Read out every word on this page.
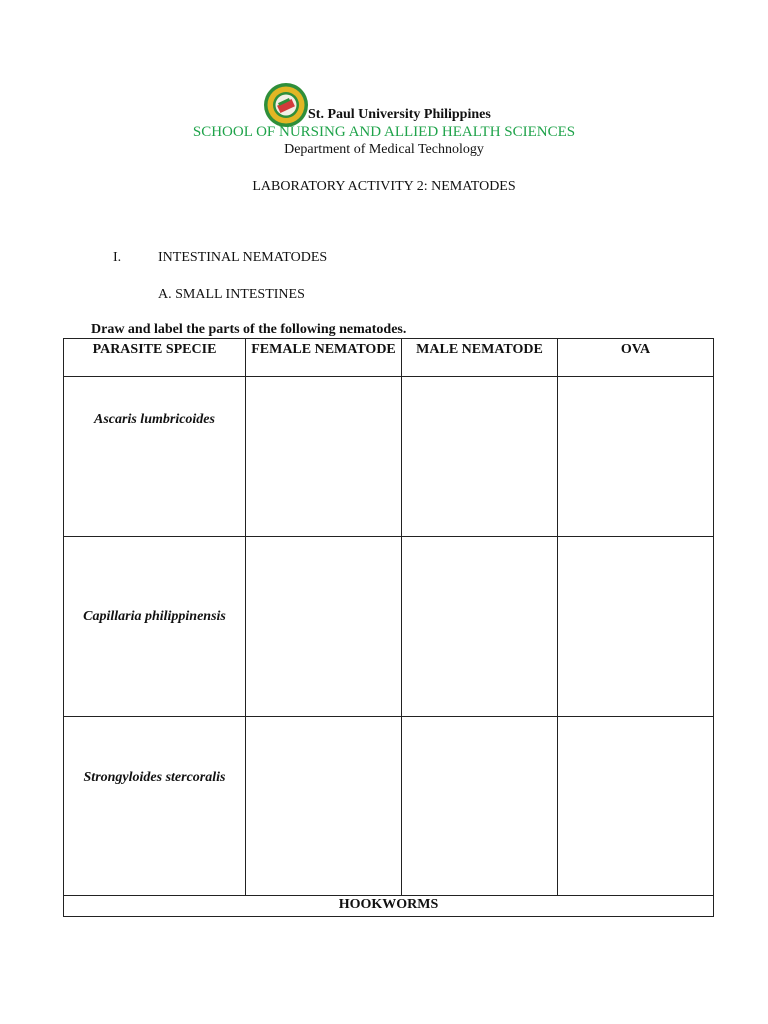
St. Paul University Philippines
SCHOOL OF NURSING AND ALLIED HEALTH SCIENCES
Department of Medical Technology
LABORATORY ACTIVITY 2: NEMATODES
I.	INTESTINAL NEMATODES
A. SMALL INTESTINES
Draw and label the parts of the following nematodes.
PARASITE SPECIE	FEMALE NEMATODE	MALE NEMATODE	OVA

Ascaris lumbricoides			

Capillaria philippinensis			

Strongyloides stercoralis			

HOOKWORMS			
